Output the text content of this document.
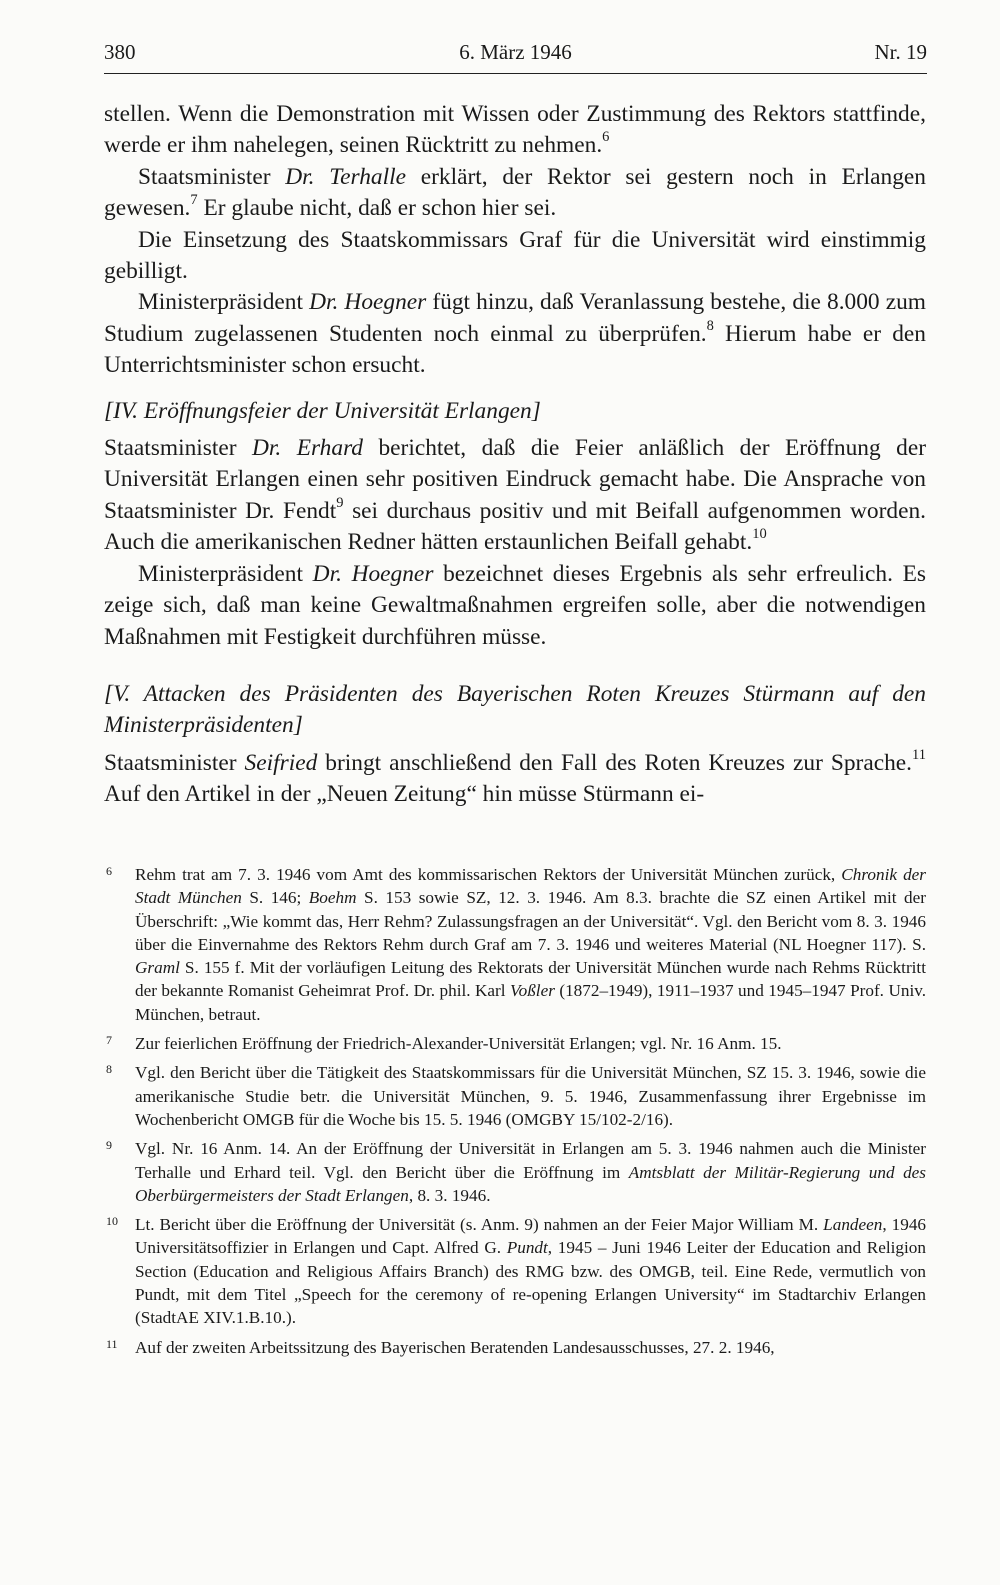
380	6. März 1946	Nr. 19

stellen. Wenn die Demonstration mit Wissen oder Zustimmung des Rektors stattfinde, werde er ihm nahelegen, seinen Rücktritt zu nehmen.$^6$

Staatsminister Dr. Terhalle erklärt, der Rektor sei gestern noch in Erlangen gewesen.$^7$ Er glaube nicht, daß er schon hier sei.

Die Einsetzung des Staatskommissars Graf für die Universität wird einstimmig gebilligt.

Ministerpräsident Dr. Hoegner fügt hinzu, daß Veranlassung bestehe, die 8.000 zum Studium zugelassenen Studenten noch einmal zu überprüfen.$^8$ Hierum habe er den Unterrichtsminister schon ersucht.

[IV. Eröffnungsfeier der Universität Erlangen]

Staatsminister Dr. Erhard berichtet, daß die Feier anläßlich der Eröffnung der Universität Erlangen einen sehr positiven Eindruck gemacht habe. Die Ansprache von Staatsminister Dr. Fendt$^9$ sei durchaus positiv und mit Beifall aufgenommen worden. Auch die amerikanischen Redner hätten erstaunlichen Beifall gehabt.$^{10}$

Ministerpräsident Dr. Hoegner bezeichnet dieses Ergebnis als sehr erfreulich. Es zeige sich, daß man keine Gewaltmaßnahmen ergreifen solle, aber die notwendigen Maßnahmen mit Festigkeit durchführen müsse.

[V. Attacken des Präsidenten des Bayerischen Roten Kreuzes Stürmann auf den Ministerpräsidenten]

Staatsminister Seifried bringt anschließend den Fall des Roten Kreuzes zur Sprache.$^{11}$ Auf den Artikel in der „Neuen Zeitung“ hin müsse Stürmann ei-

6 Rehm trat am 7. 3. 1946 vom Amt des kommissarischen Rektors der Universität München zurück, Chronik der Stadt München S. 146; Boehm S. 153 sowie SZ, 12. 3. 1946. Am 8.3. brachte die SZ einen Artikel mit der Überschrift: „Wie kommt das, Herr Rehm? Zulassungsfragen an der Universität“. Vgl. den Bericht vom 8. 3. 1946 über die Einvernahme des Rektors Rehm durch Graf am 7. 3. 1946 und weiteres Material (NL Hoegner 117). S. Graml S. 155 f. Mit der vorläufigen Leitung des Rektorats der Universität München wurde nach Rehms Rücktritt der bekannte Romanist Geheimrat Prof. Dr. phil. Karl Voßler (1872–1949), 1911–1937 und 1945–1947 Prof. Univ. München, betraut.
7 Zur feierlichen Eröffnung der Friedrich-Alexander-Universität Erlangen; vgl. Nr. 16 Anm. 15.
8 Vgl. den Bericht über die Tätigkeit des Staatskommissars für die Universität München, SZ 15. 3. 1946, sowie die amerikanische Studie betr. die Universität München, 9. 5. 1946, Zusammenfassung ihrer Ergebnisse im Wochenbericht OMGB für die Woche bis 15. 5. 1946 (OMGBY 15/102-2/16).
9 Vgl. Nr. 16 Anm. 14. An der Eröffnung der Universität in Erlangen am 5. 3. 1946 nahmen auch die Minister Terhalle und Erhard teil. Vgl. den Bericht über die Eröffnung im Amtsblatt der Militär-Regierung und des Oberbürgermeisters der Stadt Erlangen, 8. 3. 1946.
10 Lt. Bericht über die Eröffnung der Universität (s. Anm. 9) nahmen an der Feier Major William M. Landeen, 1946 Universitätsoffizier in Erlangen und Capt. Alfred G. Pundt, 1945 – Juni 1946 Leiter der Education and Religion Section (Education and Religious Affairs Branch) des RMG bzw. des OMGB, teil. Eine Rede, vermutlich von Pundt, mit dem Titel „Speech for the ceremony of re-opening Erlangen University“ im Stadtarchiv Erlangen (StadtAE XIV.1.B.10.).
11 Auf der zweiten Arbeitssitzung des Bayerischen Beratenden Landesausschusses, 27. 2. 1946,
